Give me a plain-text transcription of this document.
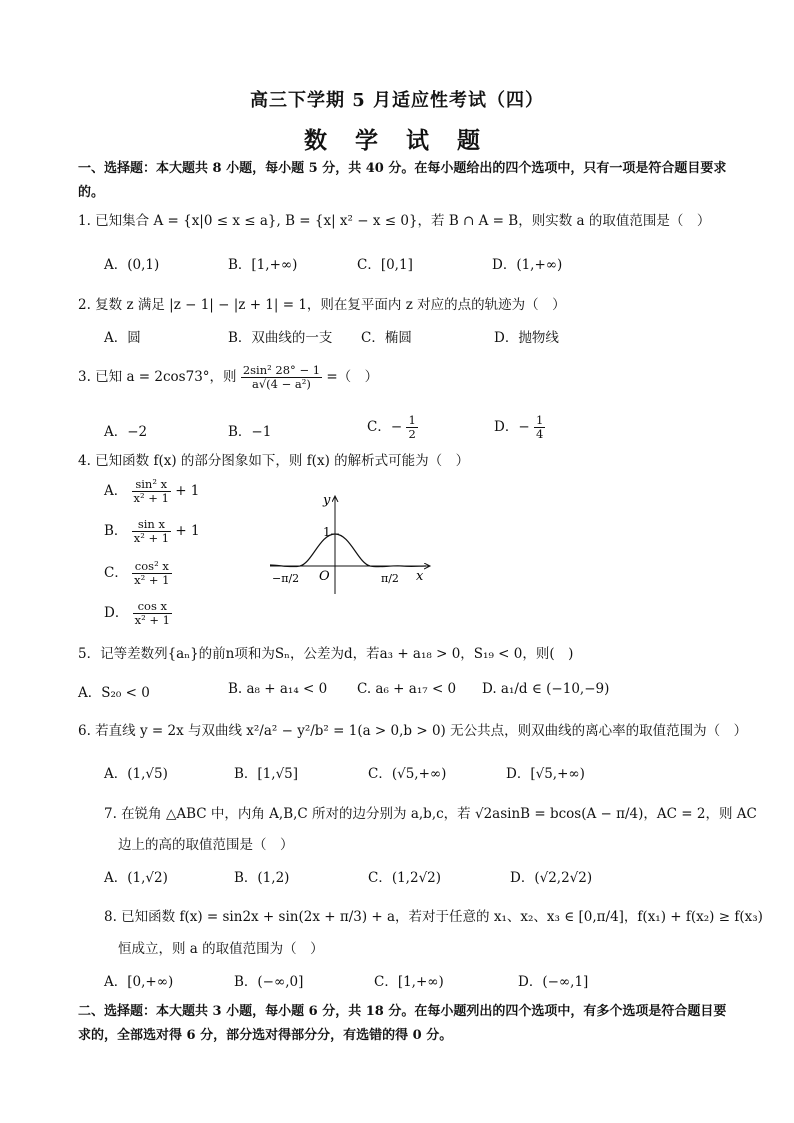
高三下学期 5 月适应性考试（四）
数 学 试 题
一、选择题：本大题共 8 小题，每小题 5 分，共 40 分。在每小题给出的四个选项中，只有一项是符合题目要求的。
1. 已知集合 A = {x|0 ≤ x ≤ a}, B = {x| x² − x ≤ 0}，若 B ∩ A = B，则实数 a 的取值范围是（　）
A．(0,1)	B．[1,+∞)	C．[0,1]	D．(1,+∞)
2. 复数 z 满足 |z − 1| − |z + 1| = 1，则在复平面内 z 对应的点的轨迹为（　）
A．圆	B．双曲线的一支 C．椭圆	D．抛物线
3. 已知 a = 2cos73°，则 $\frac{\text{2sin² 28° − 1}}{\text{a√(4 − a²)}}$ =（　）
A．−2	B．−1	C．− $\frac{1}{2}$	D．− $\frac{1}{4}$
4. 已知函数 f(x) 的部分图象如下，则 f(x) 的解析式可能为（　）
A． $\frac{\text{sin² x}}{\text{x² + 1}} + 1$
B． $\frac{\text{sin x}}{\text{x² + 1}} + 1$
C． $\frac{\text{cos² x}}{\text{x² + 1}}$
D． $\frac{\text{cos x}}{\text{x² + 1}}$
y
x
O
1
−π/2	π/2
5．记等差数列{aₙ}的前n项和为Sₙ，公差为d，若a₃ + a₁₈ > 0，S₁₉ < 0，则(　)
A．S₂₀ < 0	B. a₈ + a₁₄ < 0 C. a₆ + a₁₇ < 0 D. a₁/d ∈ (−10,−9)
6. 若直线 y = 2x 与双曲线 x²/a² − y²/b² = 1(a > 0,b > 0) 无公共点，则双曲线的离心率的取值范围为（　）
A．(1,√5)	B．[1,√5]	C．(√5,+∞)	D．[√5,+∞)
7. 在锐角 △ABC 中，内角 A,B,C 所对的边分别为 a,b,c，若 √2asinB = bcos(A − π/4)，AC = 2，则 AC
边上的高的取值范围是（　）
A．(1,√2)	B．(1,2)	C．(1,2√2)	D．(√2,2√2)
8. 已知函数 f(x) = sin2x + sin(2x + π/3) + a，若对于任意的 x₁、x₂、x₃ ∈ [0,π/4]，f(x₁) + f(x₂) ≥ f(x₃)
恒成立，则 a 的取值范围为（　）
A．[0,+∞)	B．(−∞,0]	C．[1,+∞)	D．(−∞,1]
二、选择题：本大题共 3 小题，每小题 6 分，共 18 分。在每小题列出的四个选项中，有多个选项是符合题目要求的，全部选对得 6 分，部分选对得部分分，有选错的得 0 分。
